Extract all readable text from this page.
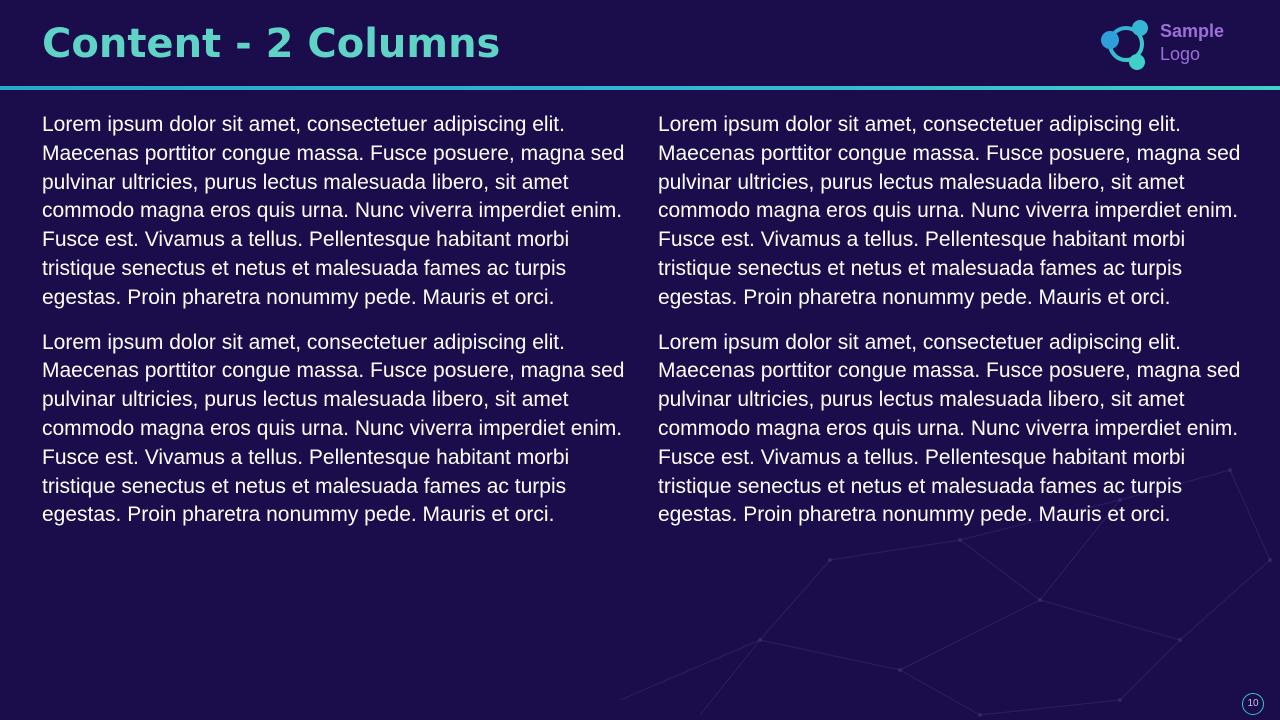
Content - 2 Columns	Sample
Logo

Lorem ipsum dolor sit amet, consectetuer adipiscing elit. Maecenas porttitor congue massa. Fusce posuere, magna sed pulvinar ultricies, purus lectus malesuada libero, sit amet commodo magna eros quis urna. Nunc viverra imperdiet enim. Fusce est. Vivamus a tellus. Pellentesque habitant morbi tristique senectus et netus et malesuada fames ac turpis egestas. Proin pharetra nonummy pede. Mauris et orci.

Lorem ipsum dolor sit amet, consectetuer adipiscing elit. Maecenas porttitor congue massa. Fusce posuere, magna sed pulvinar ultricies, purus lectus malesuada libero, sit amet commodo magna eros quis urna. Nunc viverra imperdiet enim. Fusce est. Vivamus a tellus. Pellentesque habitant morbi tristique senectus et netus et malesuada fames ac turpis egestas. Proin pharetra nonummy pede. Mauris et orci.

Lorem ipsum dolor sit amet, consectetuer adipiscing elit. Maecenas porttitor congue massa. Fusce posuere, magna sed pulvinar ultricies, purus lectus malesuada libero, sit amet commodo magna eros quis urna. Nunc viverra imperdiet enim. Fusce est. Vivamus a tellus. Pellentesque habitant morbi tristique senectus et netus et malesuada fames ac turpis egestas. Proin pharetra nonummy pede. Mauris et orci.

Lorem ipsum dolor sit amet, consectetuer adipiscing elit. Maecenas porttitor congue massa. Fusce posuere, magna sed pulvinar ultricies, purus lectus malesuada libero, sit amet commodo magna eros quis urna. Nunc viverra imperdiet enim. Fusce est. Vivamus a tellus. Pellentesque habitant morbi tristique senectus et netus et malesuada fames ac turpis egestas. Proin pharetra nonummy pede. Mauris et orci.

10
